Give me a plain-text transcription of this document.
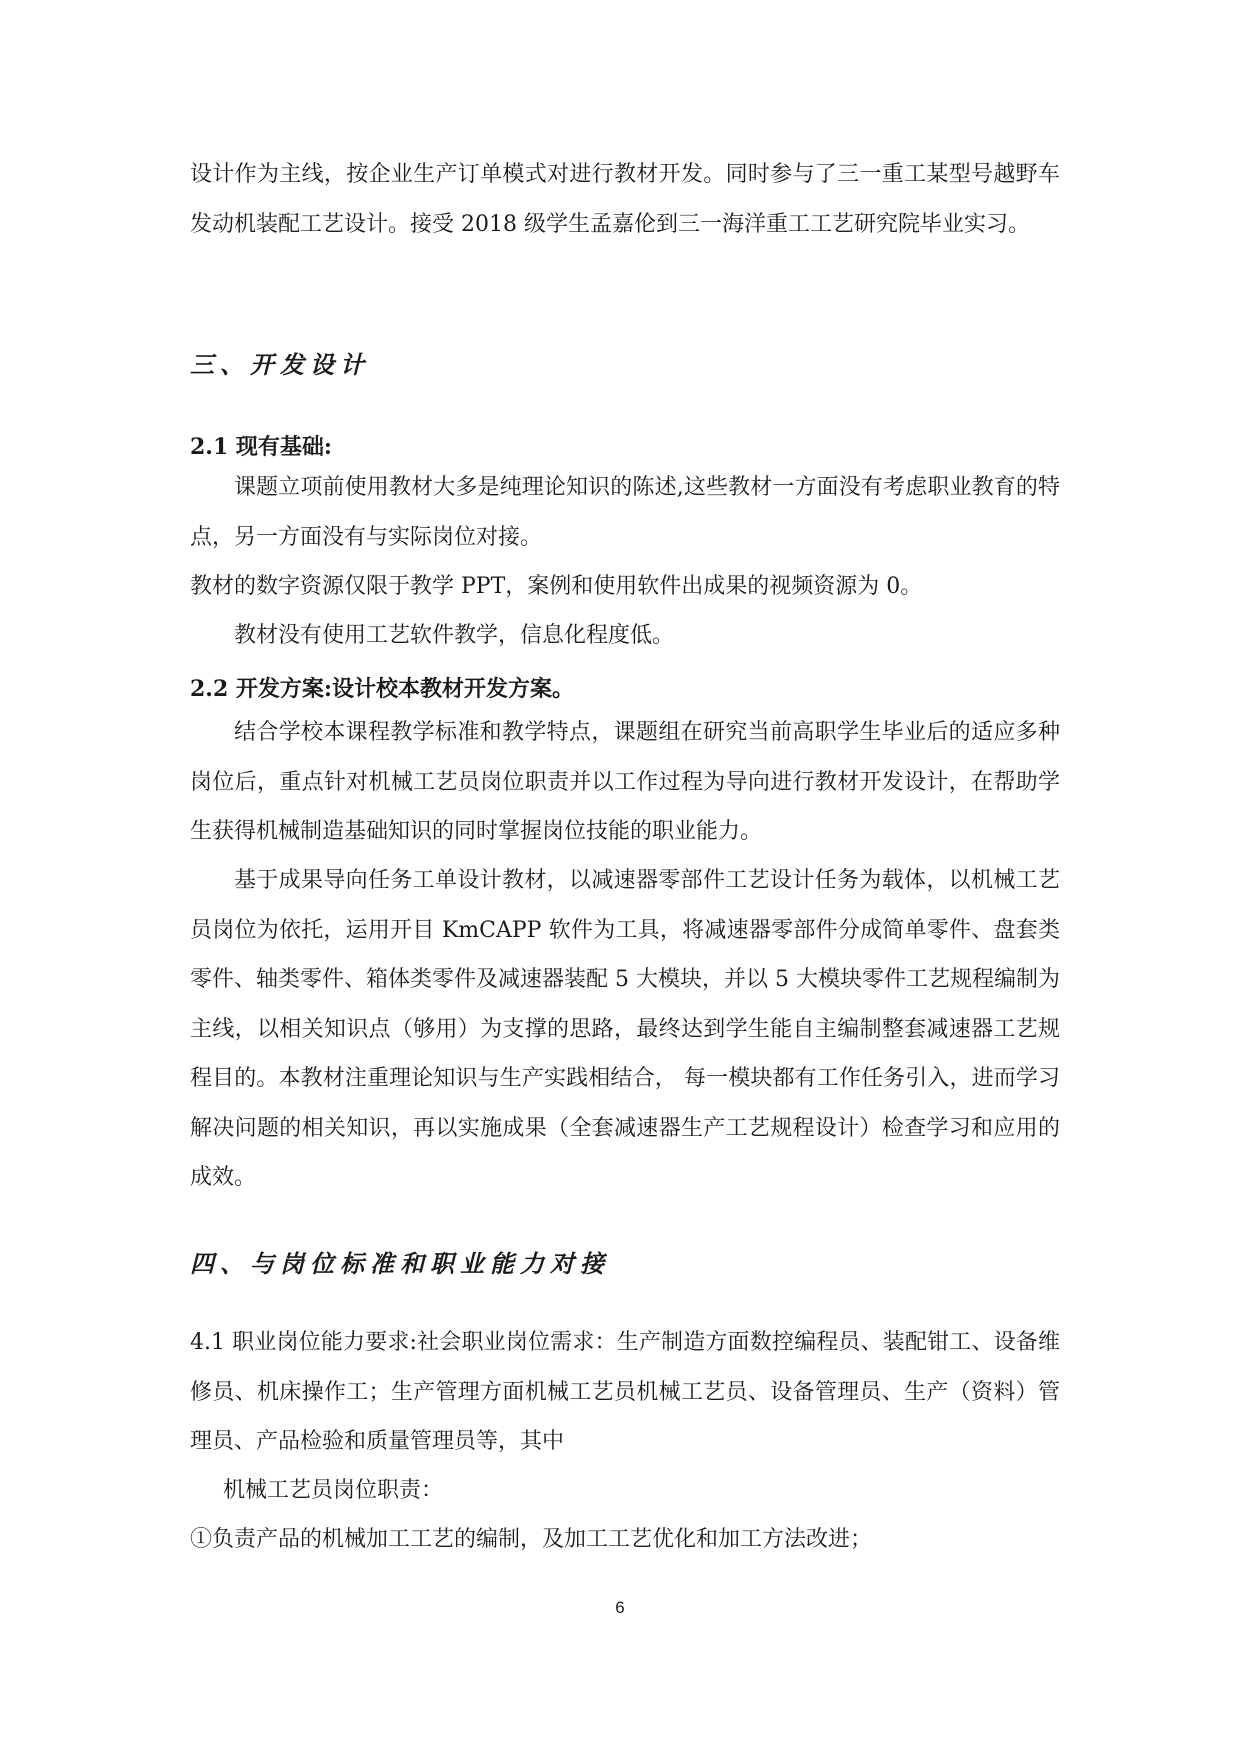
设计作为主线，按企业生产订单模式对进行教材开发。同时参与了三一重工某型号越野车发动机装配工艺设计。接受 2018 级学生孟嘉伦到三一海洋重工工艺研究院毕业实习。

三、开发设计
2.1 现有基础:

课题立项前使用教材大多是纯理论知识的陈述,这些教材一方面没有考虑职业教育的特点，另一方面没有与实际岗位对接。

教材的数字资源仅限于教学 PPT，案例和使用软件出成果的视频资源为 0。

教材没有使用工艺软件教学，信息化程度低。

2.2 开发方案:设计校本教材开发方案。

结合学校本课程教学标准和教学特点，课题组在研究当前高职学生毕业后的适应多种岗位后，重点针对机械工艺员岗位职责并以工作过程为导向进行教材开发设计，在帮助学生获得机械制造基础知识的同时掌握岗位技能的职业能力。

基于成果导向任务工单设计教材，以减速器零部件工艺设计任务为载体，以机械工艺员岗位为依托，运用开目 KmCAPP 软件为工具，将减速器零部件分成简单零件、盘套类零件、轴类零件、箱体类零件及减速器装配 5 大模块，并以 5 大模块零件工艺规程编制为主线，以相关知识点（够用）为支撑的思路，最终达到学生能自主编制整套减速器工艺规程目的。本教材注重理论知识与生产实践相结合， 每一模块都有工作任务引入，进而学习解决问题的相关知识，再以实施成果（全套减速器生产工艺规程设计）检查学习和应用的成效。

四、与岗位标准和职业能力对接

4.1 职业岗位能力要求:社会职业岗位需求：生产制造方面数控编程员、装配钳工、设备维修员、机床操作工；生产管理方面机械工艺员机械工艺员、设备管理员、生产（资料）管理员、产品检验和质量管理员等，其中

机械工艺员岗位职责：

①负责产品的机械加工工艺的编制，及加工工艺优化和加工方法改进；

6
